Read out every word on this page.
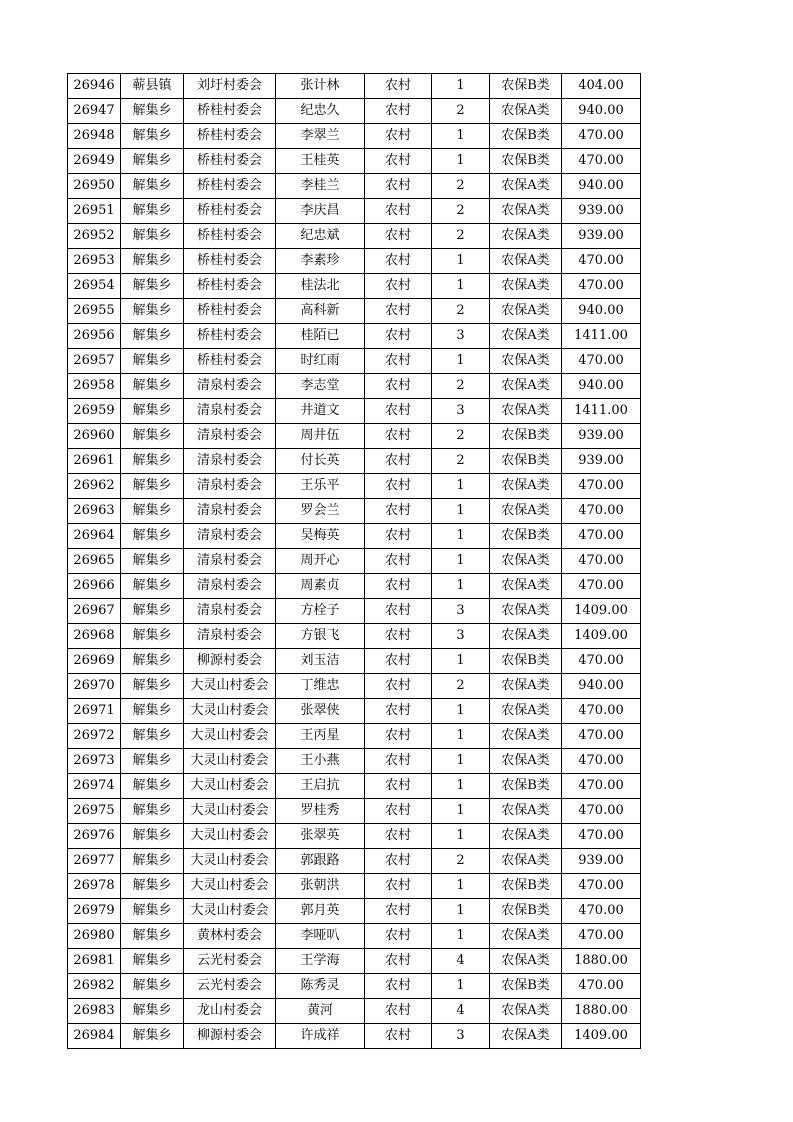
26946	蕲县镇	刘圩村委会	张计林	农村	1	农保B类	404.00
26947	解集乡	桥桂村委会	纪忠久	农村	2	农保A类	940.00
26948	解集乡	桥桂村委会	李翠兰	农村	1	农保B类	470.00
26949	解集乡	桥桂村委会	王桂英	农村	1	农保B类	470.00
26950	解集乡	桥桂村委会	李桂兰	农村	2	农保A类	940.00
26951	解集乡	桥桂村委会	李庆昌	农村	2	农保A类	939.00
26952	解集乡	桥桂村委会	纪忠斌	农村	2	农保A类	939.00
26953	解集乡	桥桂村委会	李素珍	农村	1	农保A类	470.00
26954	解集乡	桥桂村委会	桂法北	农村	1	农保A类	470.00
26955	解集乡	桥桂村委会	高科新	农村	2	农保A类	940.00
26956	解集乡	桥桂村委会	桂陌已	农村	3	农保A类	1411.00
26957	解集乡	桥桂村委会	时红雨	农村	1	农保A类	470.00
26958	解集乡	清泉村委会	李志堂	农村	2	农保A类	940.00
26959	解集乡	清泉村委会	井道文	农村	3	农保A类	1411.00
26960	解集乡	清泉村委会	周井伍	农村	2	农保B类	939.00
26961	解集乡	清泉村委会	付长英	农村	2	农保B类	939.00
26962	解集乡	清泉村委会	王乐平	农村	1	农保A类	470.00
26963	解集乡	清泉村委会	罗会兰	农村	1	农保A类	470.00
26964	解集乡	清泉村委会	吴梅英	农村	1	农保B类	470.00
26965	解集乡	清泉村委会	周开心	农村	1	农保A类	470.00
26966	解集乡	清泉村委会	周素贞	农村	1	农保A类	470.00
26967	解集乡	清泉村委会	方栓子	农村	3	农保A类	1409.00
26968	解集乡	清泉村委会	方银飞	农村	3	农保A类	1409.00
26969	解集乡	柳源村委会	刘玉洁	农村	1	农保B类	470.00
26970	解集乡	大灵山村委会	丁维忠	农村	2	农保A类	940.00
26971	解集乡	大灵山村委会	张翠侠	农村	1	农保A类	470.00
26972	解集乡	大灵山村委会	王丙星	农村	1	农保A类	470.00
26973	解集乡	大灵山村委会	王小燕	农村	1	农保A类	470.00
26974	解集乡	大灵山村委会	王启抗	农村	1	农保B类	470.00
26975	解集乡	大灵山村委会	罗桂秀	农村	1	农保A类	470.00
26976	解集乡	大灵山村委会	张翠英	农村	1	农保A类	470.00
26977	解集乡	大灵山村委会	郭跟路	农村	2	农保A类	939.00
26978	解集乡	大灵山村委会	张朝洪	农村	1	农保B类	470.00
26979	解集乡	大灵山村委会	郭月英	农村	1	农保B类	470.00
26980	解集乡	黄林村委会	李哑叭	农村	1	农保A类	470.00
26981	解集乡	云光村委会	王学海	农村	4	农保A类	1880.00
26982	解集乡	云光村委会	陈秀灵	农村	1	农保B类	470.00
26983	解集乡	龙山村委会	黄河	农村	4	农保A类	1880.00
26984	解集乡	柳源村委会	许成祥	农村	3	农保A类	1409.00
